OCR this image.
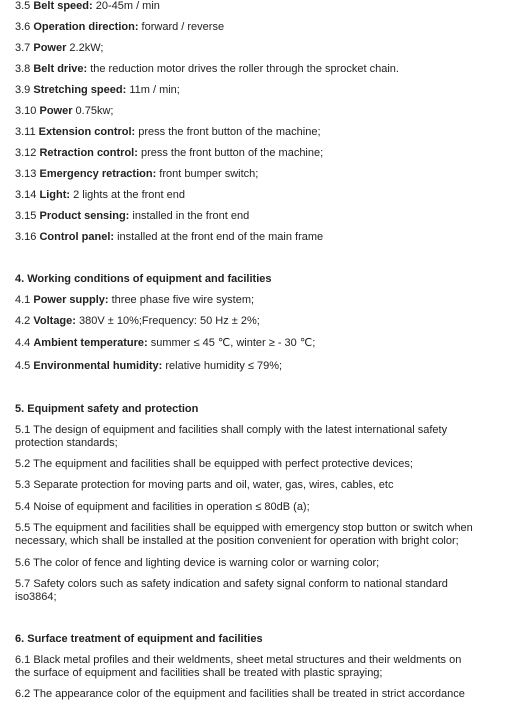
3.5 Belt speed: 20-45m / min
3.6 Operation direction: forward / reverse
3.7 Power 2.2kW;
3.8 Belt drive: the reduction motor drives the roller through the sprocket chain.
3.9 Stretching speed: 11m / min;
3.10 Power 0.75kw;
3.11 Extension control: press the front button of the machine;
3.12 Retraction control: press the front button of the machine;
3.13 Emergency retraction: front bumper switch;
3.14 Light: 2 lights at the front end
3.15 Product sensing: installed in the front end
3.16 Control panel: installed at the front end of the main frame
4. Working conditions of equipment and facilities
4.1 Power supply: three phase five wire system;
4.2 Voltage: 380V ± 10%;Frequency: 50 Hz ± 2%;
4.4 Ambient temperature: summer ≤ 45 ℃, winter ≥ - 30 ℃;
4.5 Environmental humidity: relative humidity ≤ 79%;
5. Equipment safety and protection
5.1 The design of equipment and facilities shall comply with the latest international safety protection standards;
5.2 The equipment and facilities shall be equipped with perfect protective devices;
5.3 Separate protection for moving parts and oil, water, gas, wires, cables, etc
5.4 Noise of equipment and facilities in operation ≤ 80dB (a);
5.5 The equipment and facilities shall be equipped with emergency stop button or switch when necessary, which shall be installed at the position convenient for operation with bright color;
5.6 The color of fence and lighting device is warning color or warning color;
5.7 Safety colors such as safety indication and safety signal conform to national standard iso3864;
6. Surface treatment of equipment and facilities
6.1 Black metal profiles and their weldments, sheet metal structures and their weldments on the surface of equipment and facilities shall be treated with plastic spraying;
6.2 The appearance color of the equipment and facilities shall be treated in strict accordance
